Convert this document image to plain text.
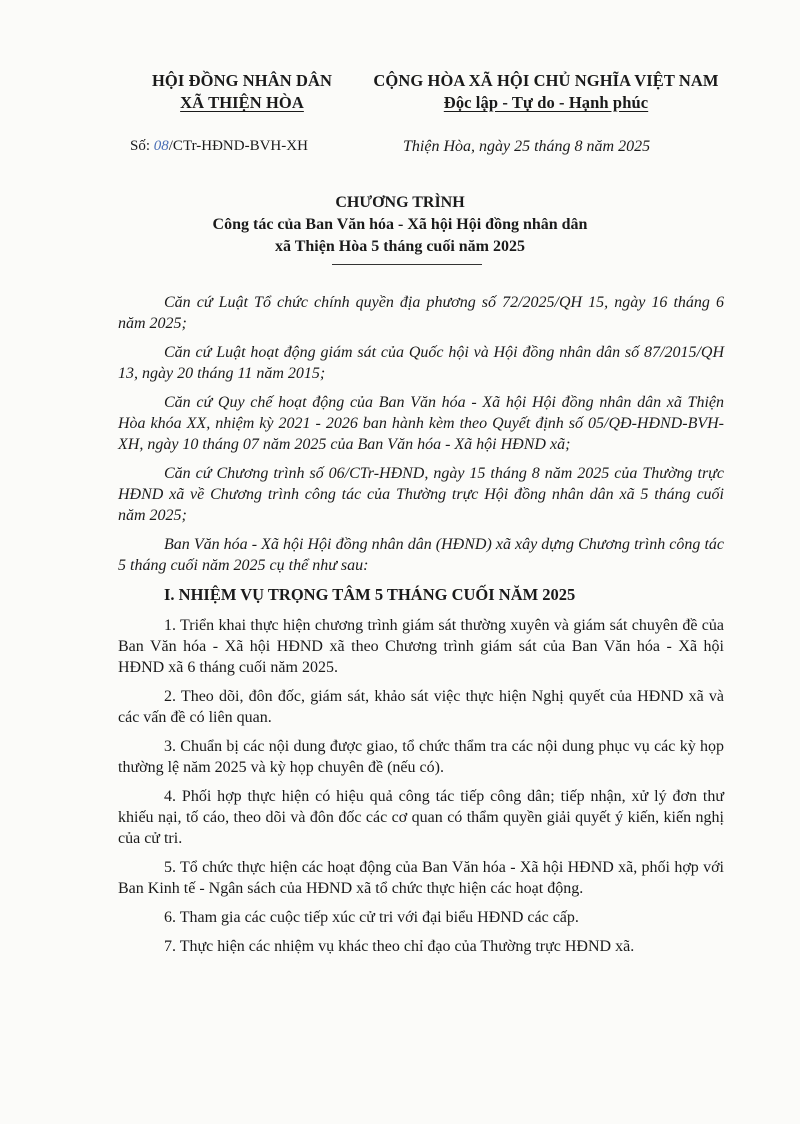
HỘI ĐỒNG NHÂN DÂN
XÃ THIỆN HÒA
CỘNG HÒA XÃ HỘI CHỦ NGHĨA VIỆT NAM
Độc lập - Tự do - Hạnh phúc
Số: 08/CTr-HĐND-BVH-XH	Thiện Hòa, ngày 25 tháng 8 năm 2025
CHƯƠNG TRÌNH
Công tác của Ban Văn hóa - Xã hội Hội đồng nhân dân
xã Thiện Hòa 5 tháng cuối năm 2025

Căn cứ Luật Tổ chức chính quyền địa phương số 72/2025/QH 15, ngày 16 tháng 6 năm 2025;

Căn cứ Luật hoạt động giám sát của Quốc hội và Hội đồng nhân dân số 87/2015/QH 13, ngày 20 tháng 11 năm 2015;

Căn cứ Quy chế hoạt động của Ban Văn hóa - Xã hội Hội đồng nhân dân xã Thiện Hòa khóa XX, nhiệm kỳ 2021 - 2026 ban hành kèm theo Quyết định số 05/QĐ-HĐND-BVH-XH, ngày 10 tháng 07 năm 2025 của Ban Văn hóa - Xã hội HĐND xã;

Căn cứ Chương trình số 06/CTr-HĐND, ngày 15 tháng 8 năm 2025 của Thường trực HĐND xã về Chương trình công tác của Thường trực Hội đồng nhân dân xã 5 tháng cuối năm 2025;

Ban Văn hóa - Xã hội Hội đồng nhân dân (HĐND) xã xây dựng Chương trình công tác 5 tháng cuối năm 2025 cụ thể như sau:

I. NHIỆM VỤ TRỌNG TÂM 5 THÁNG CUỐI NĂM 2025

1. Triển khai thực hiện chương trình giám sát thường xuyên và giám sát chuyên đề của Ban Văn hóa - Xã hội HĐND xã theo Chương trình giám sát của Ban Văn hóa - Xã hội HĐND xã 6 tháng cuối năm 2025.

2. Theo dõi, đôn đốc, giám sát, khảo sát việc thực hiện Nghị quyết của HĐND xã và các vấn đề có liên quan.

3. Chuẩn bị các nội dung được giao, tổ chức thẩm tra các nội dung phục vụ các kỳ họp thường lệ năm 2025 và kỳ họp chuyên đề (nếu có).

4. Phối hợp thực hiện có hiệu quả công tác tiếp công dân; tiếp nhận, xử lý đơn thư khiếu nại, tố cáo, theo dõi và đôn đốc các cơ quan có thẩm quyền giải quyết ý kiến, kiến nghị của cử tri.

5. Tổ chức thực hiện các hoạt động của Ban Văn hóa - Xã hội HĐND xã, phối hợp với Ban Kinh tế - Ngân sách của HĐND xã tổ chức thực hiện các hoạt động.

6. Tham gia các cuộc tiếp xúc cử tri với đại biểu HĐND các cấp.

7. Thực hiện các nhiệm vụ khác theo chỉ đạo của Thường trực HĐND xã.
